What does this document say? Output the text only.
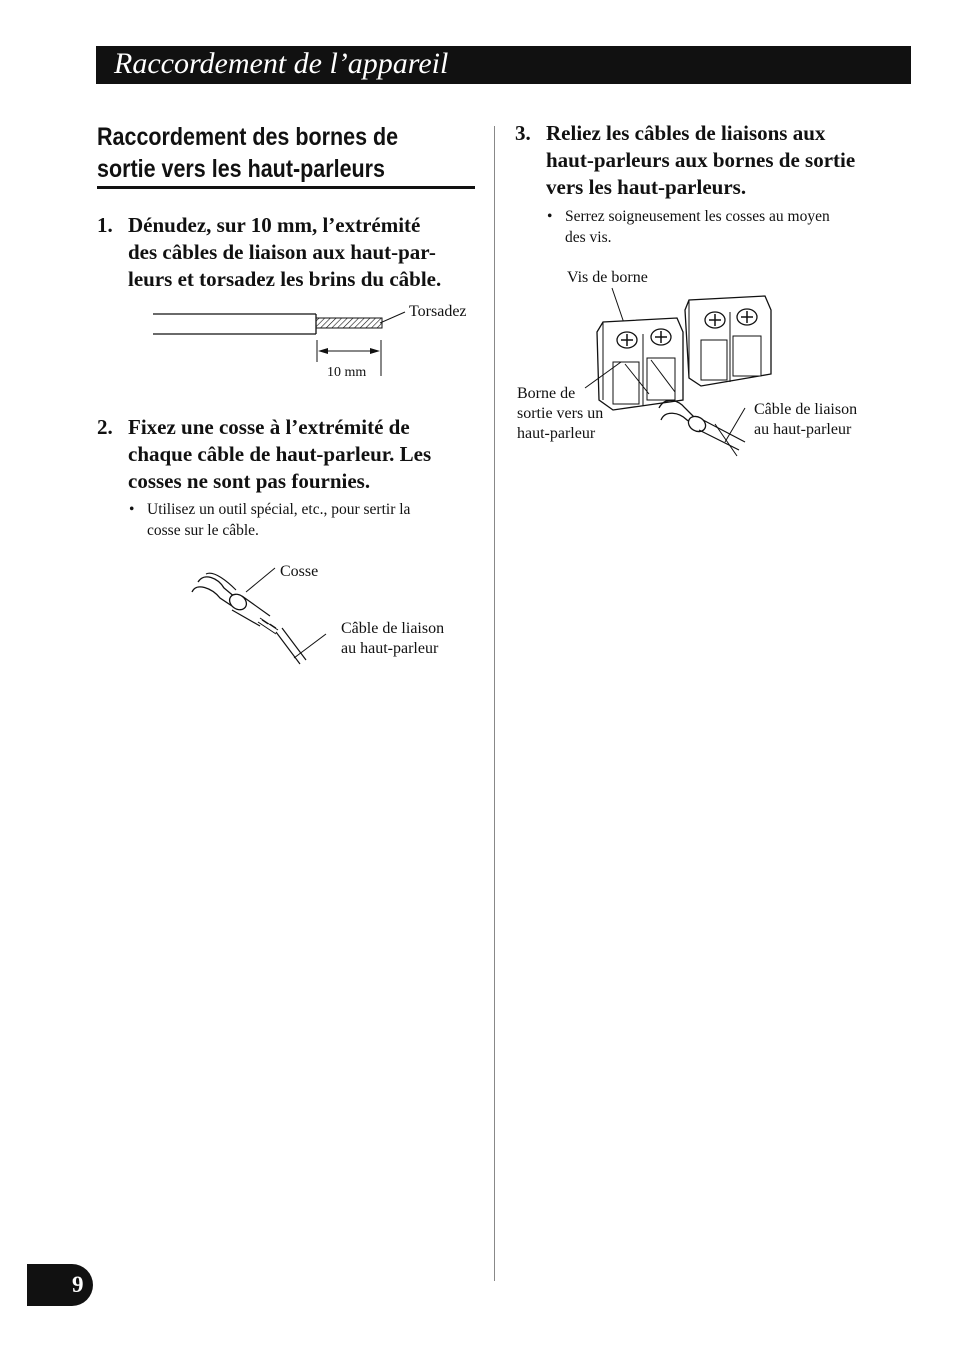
Raccordement de l’appareil
Raccordement des bornes de
sortie vers les haut-parleurs
1. Dénudez, sur 10 mm, l’extrémité
des câbles de liaison aux haut-par-
leurs et torsadez les brins du câble.
Torsadez
10 mm
2. Fixez une cosse à l’extrémité de
chaque câble de haut-parleur. Les
cosses ne sont pas fournies.
• Utilisez un outil spécial, etc., pour sertir la
cosse sur le câble.
Cosse
Câble de liaison
au haut-parleur
3. Reliez les câbles de liaisons aux
haut-parleurs aux bornes de sortie
vers les haut-parleurs.
• Serrez soigneusement les cosses au moyen
des vis.
Vis de borne
Borne de
sortie vers un
haut-parleur
Câble de liaison
au haut-parleur
9
